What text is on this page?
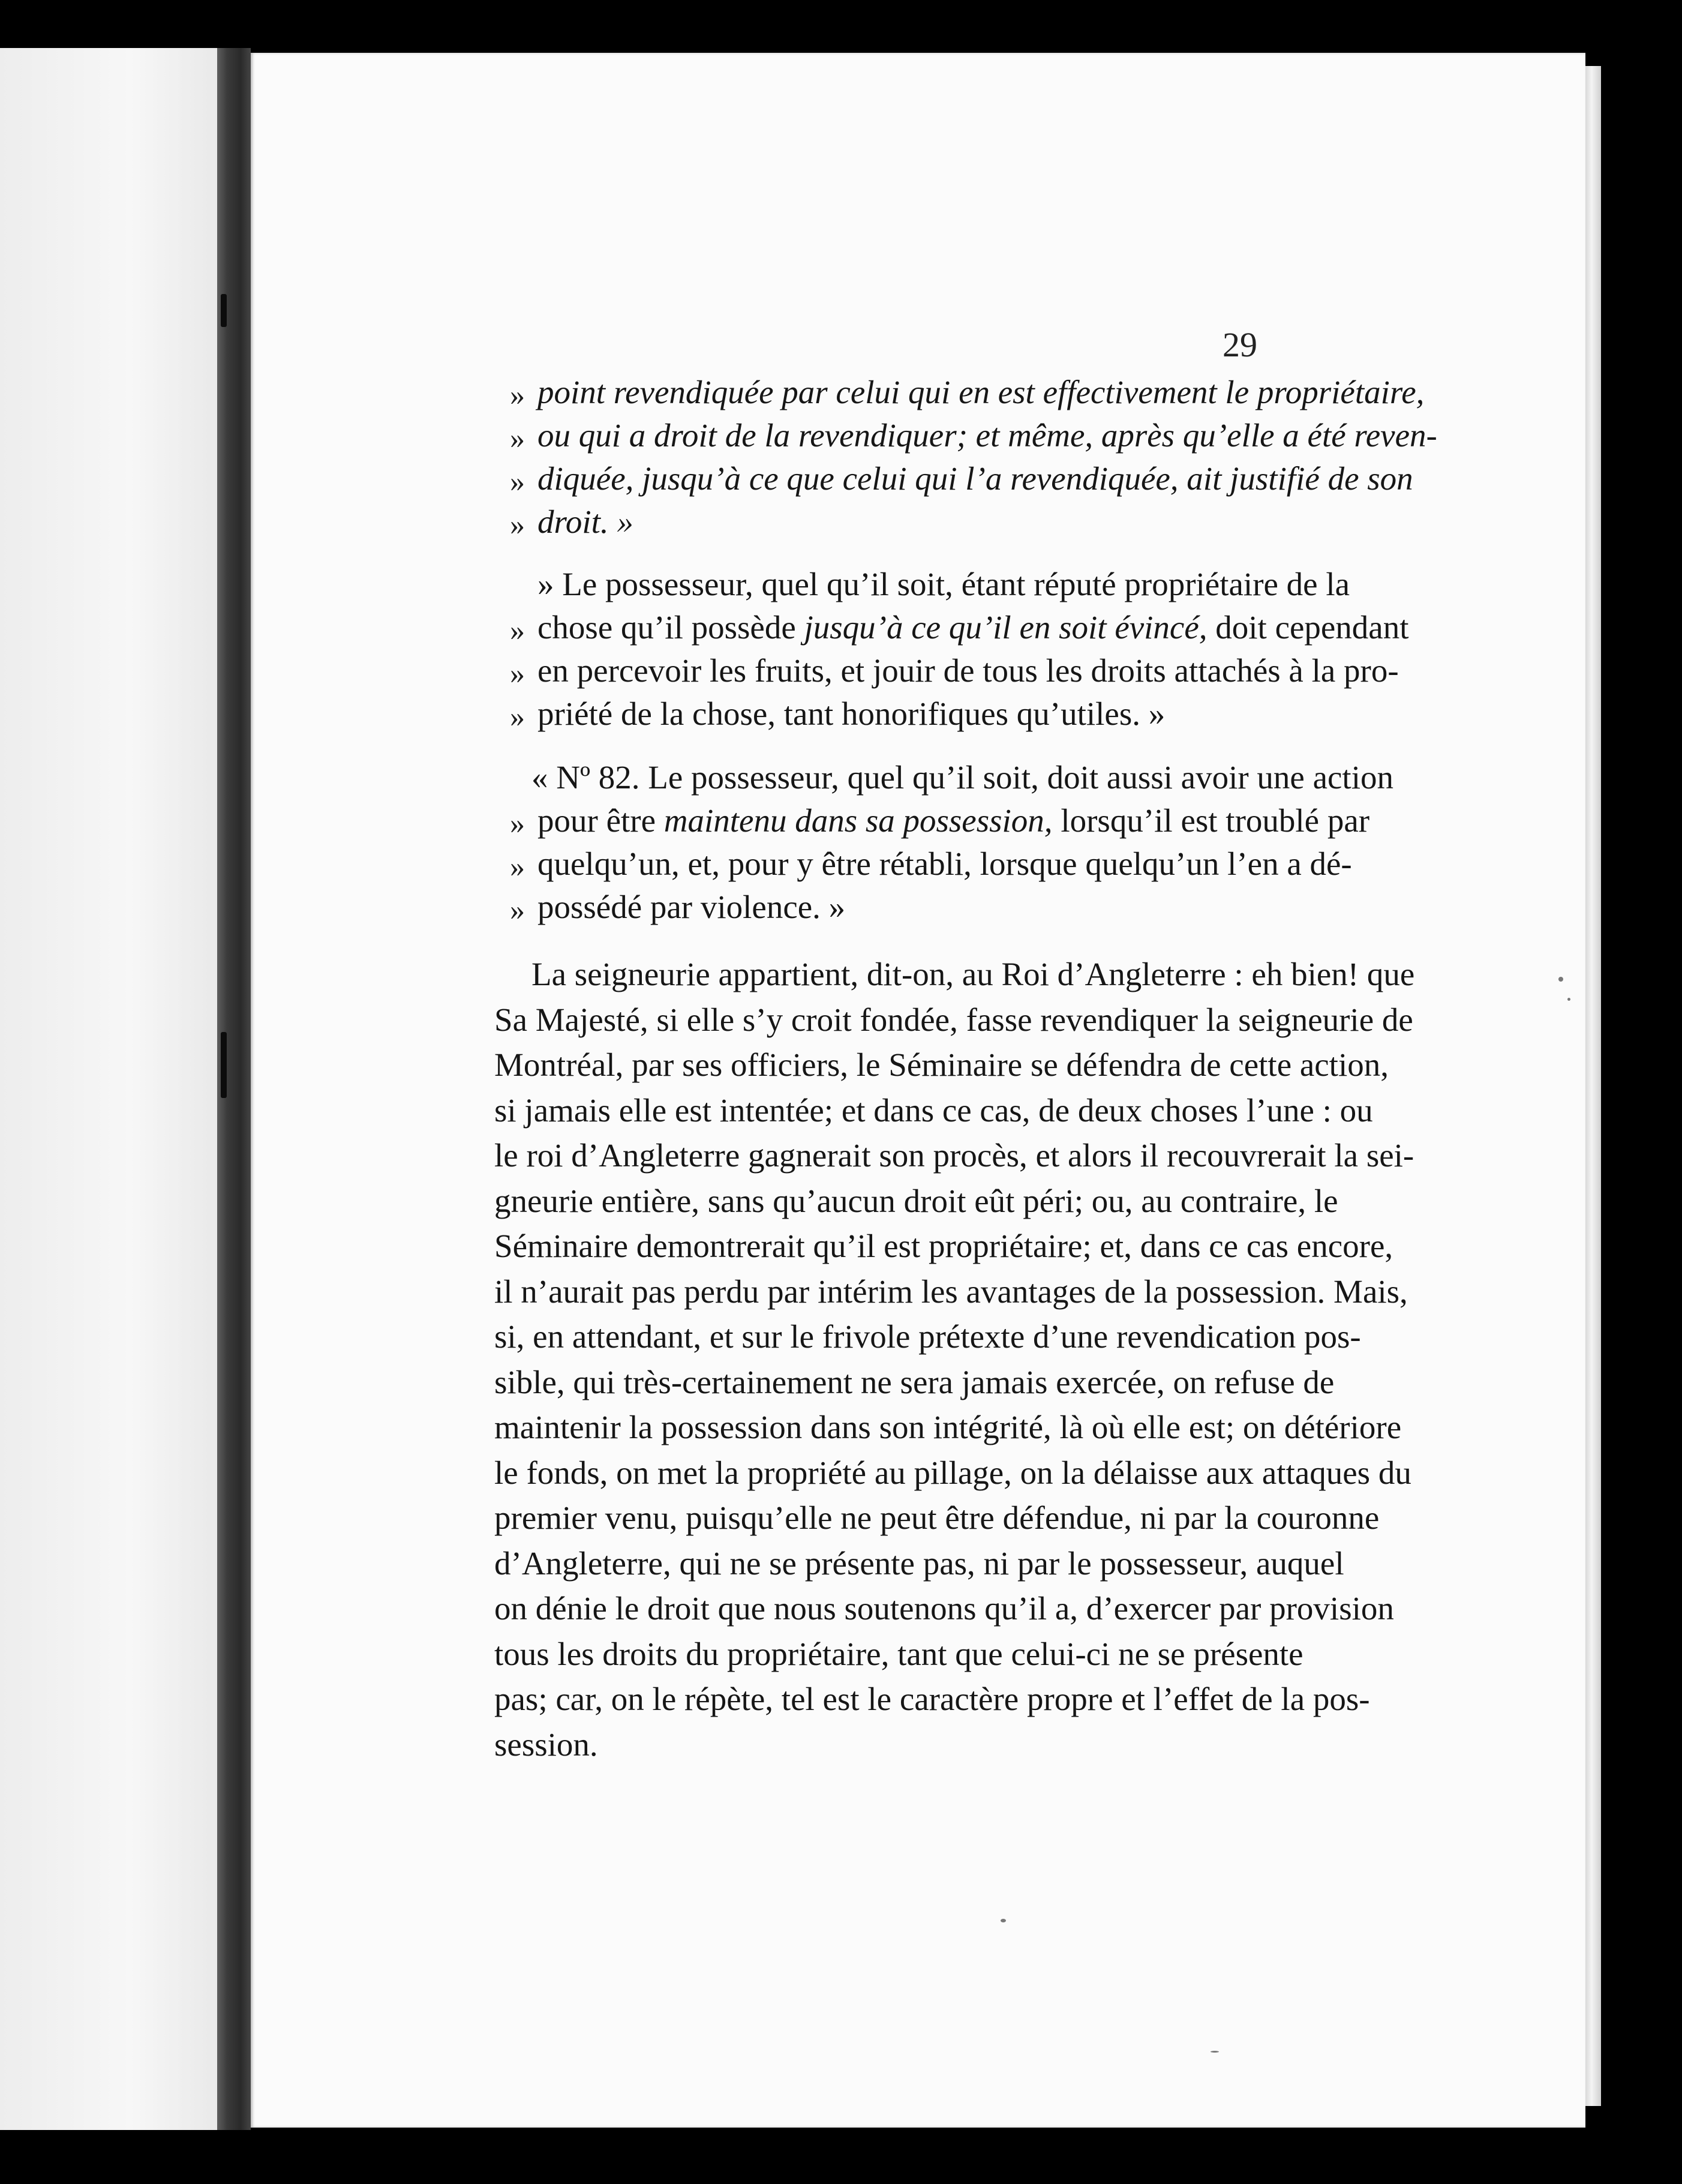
29
» point revendiquée par celui qui en est effectivement le propriétaire,
» ou qui a droit de la revendiquer; et même, après qu’elle a été reven-
» diquée, jusqu’à ce que celui qui l’a revendiquée, ait justifié de son
» droit. »
» Le possesseur, quel qu’il soit, étant réputé propriétaire de la
» chose qu’il possède jusqu’à ce qu’il en soit évincé, doit cependant
» en percevoir les fruits, et jouir de tous les droits attachés à la pro-
» priété de la chose, tant honorifiques qu’utiles. »
« Nº 82. Le possesseur, quel qu’il soit, doit aussi avoir une action
» pour être maintenu dans sa possession, lorsqu’il est troublé par
» quelqu’un, et, pour y être rétabli, lorsque quelqu’un l’en a dé-
» possédé par violence. »
La seigneurie appartient, dit-on, au Roi d’Angleterre : eh bien! que
Sa Majesté, si elle s’y croit fondée, fasse revendiquer la seigneurie de
Montréal, par ses officiers, le Séminaire se défendra de cette action,
si jamais elle est intentée; et dans ce cas, de deux choses l’une : ou
le roi d’Angleterre gagnerait son procès, et alors il recouvrerait la sei-
gneurie entière, sans qu’aucun droit eût péri; ou, au contraire, le
Séminaire demontrerait qu’il est propriétaire; et, dans ce cas encore,
il n’aurait pas perdu par intérim les avantages de la possession. Mais,
si, en attendant, et sur le frivole prétexte d’une revendication pos-
sible, qui très-certainement ne sera jamais exercée, on refuse de
maintenir la possession dans son intégrité, là où elle est; on détériore
le fonds, on met la propriété au pillage, on la délaisse aux attaques du
premier venu, puisqu’elle ne peut être défendue, ni par la couronne
d’Angleterre, qui ne se présente pas, ni par le possesseur, auquel
on dénie le droit que nous soutenons qu’il a, d’exercer par provision
tous les droits du propriétaire, tant que celui-ci ne se présente
pas; car, on le répète, tel est le caractère propre et l’effet de la pos-
session.
